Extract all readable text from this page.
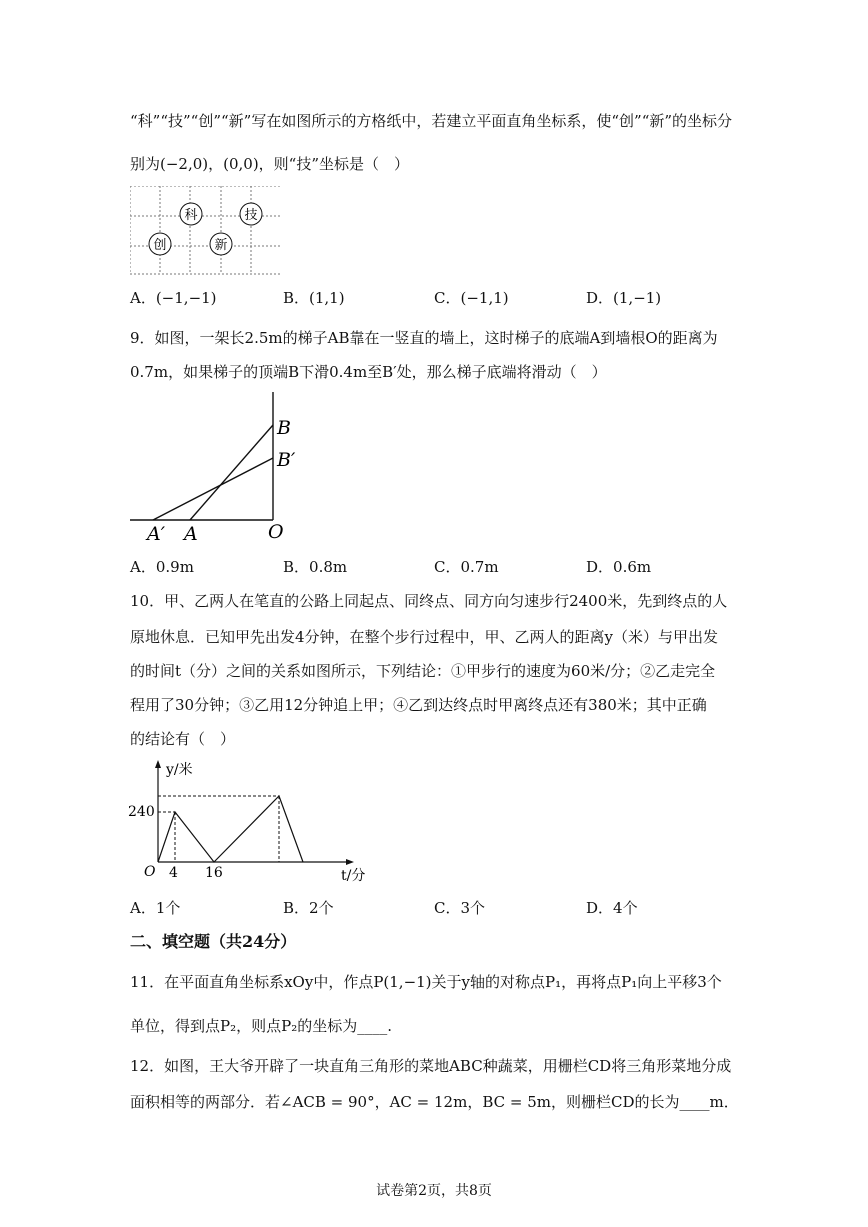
“科”“技”“创”“新”写在如图所示的方格纸中，若建立平面直角坐标系，使“创”“新”的坐标分
别为(−2,0)，(0,0)，则“技”坐标是（　）
科	技
创	新
A．(−1,−1)	B．(1,1)	C．(−1,1)	D．(1,−1)
9．如图，一架长2.5m的梯子AB靠在一竖直的墙上，这时梯子的底端A到墙根O的距离为
0.7m，如果梯子的顶端B下滑0.4m至B′处，那么梯子底端将滑动（　）
B
B′
A′ A	O
A．0.9m	B．0.8m	C．0.7m	D．0.6m
10．甲、乙两人在笔直的公路上同起点、同终点、同方向匀速步行2400米，先到终点的人
原地休息．已知甲先出发4分钟，在整个步行过程中，甲、乙两人的距离y（米）与甲出发
的时间t（分）之间的关系如图所示，下列结论：①甲步行的速度为60米/分；②乙走完全
程用了30分钟；③乙用12分钟追上甲；④乙到达终点时甲离终点还有380米；其中正确
的结论有（　）
y/米
240
O 4 16	t/分
A．1个	B．2个	C．3个	D．4个
二、填空题（共24分）
11．在平面直角坐标系xOy中，作点P(1,−1)关于y轴的对称点P₁，再将点P₁向上平移3个
单位，得到点P₂，则点P₂的坐标为____.
12．如图，王大爷开辟了一块直角三角形的菜地ABC种蔬菜，用栅栏CD将三角形菜地分成
面积相等的两部分．若∠ACB = 90°，AC = 12m，BC = 5m，则栅栏CD的长为____m．
试卷第2页，共8页
